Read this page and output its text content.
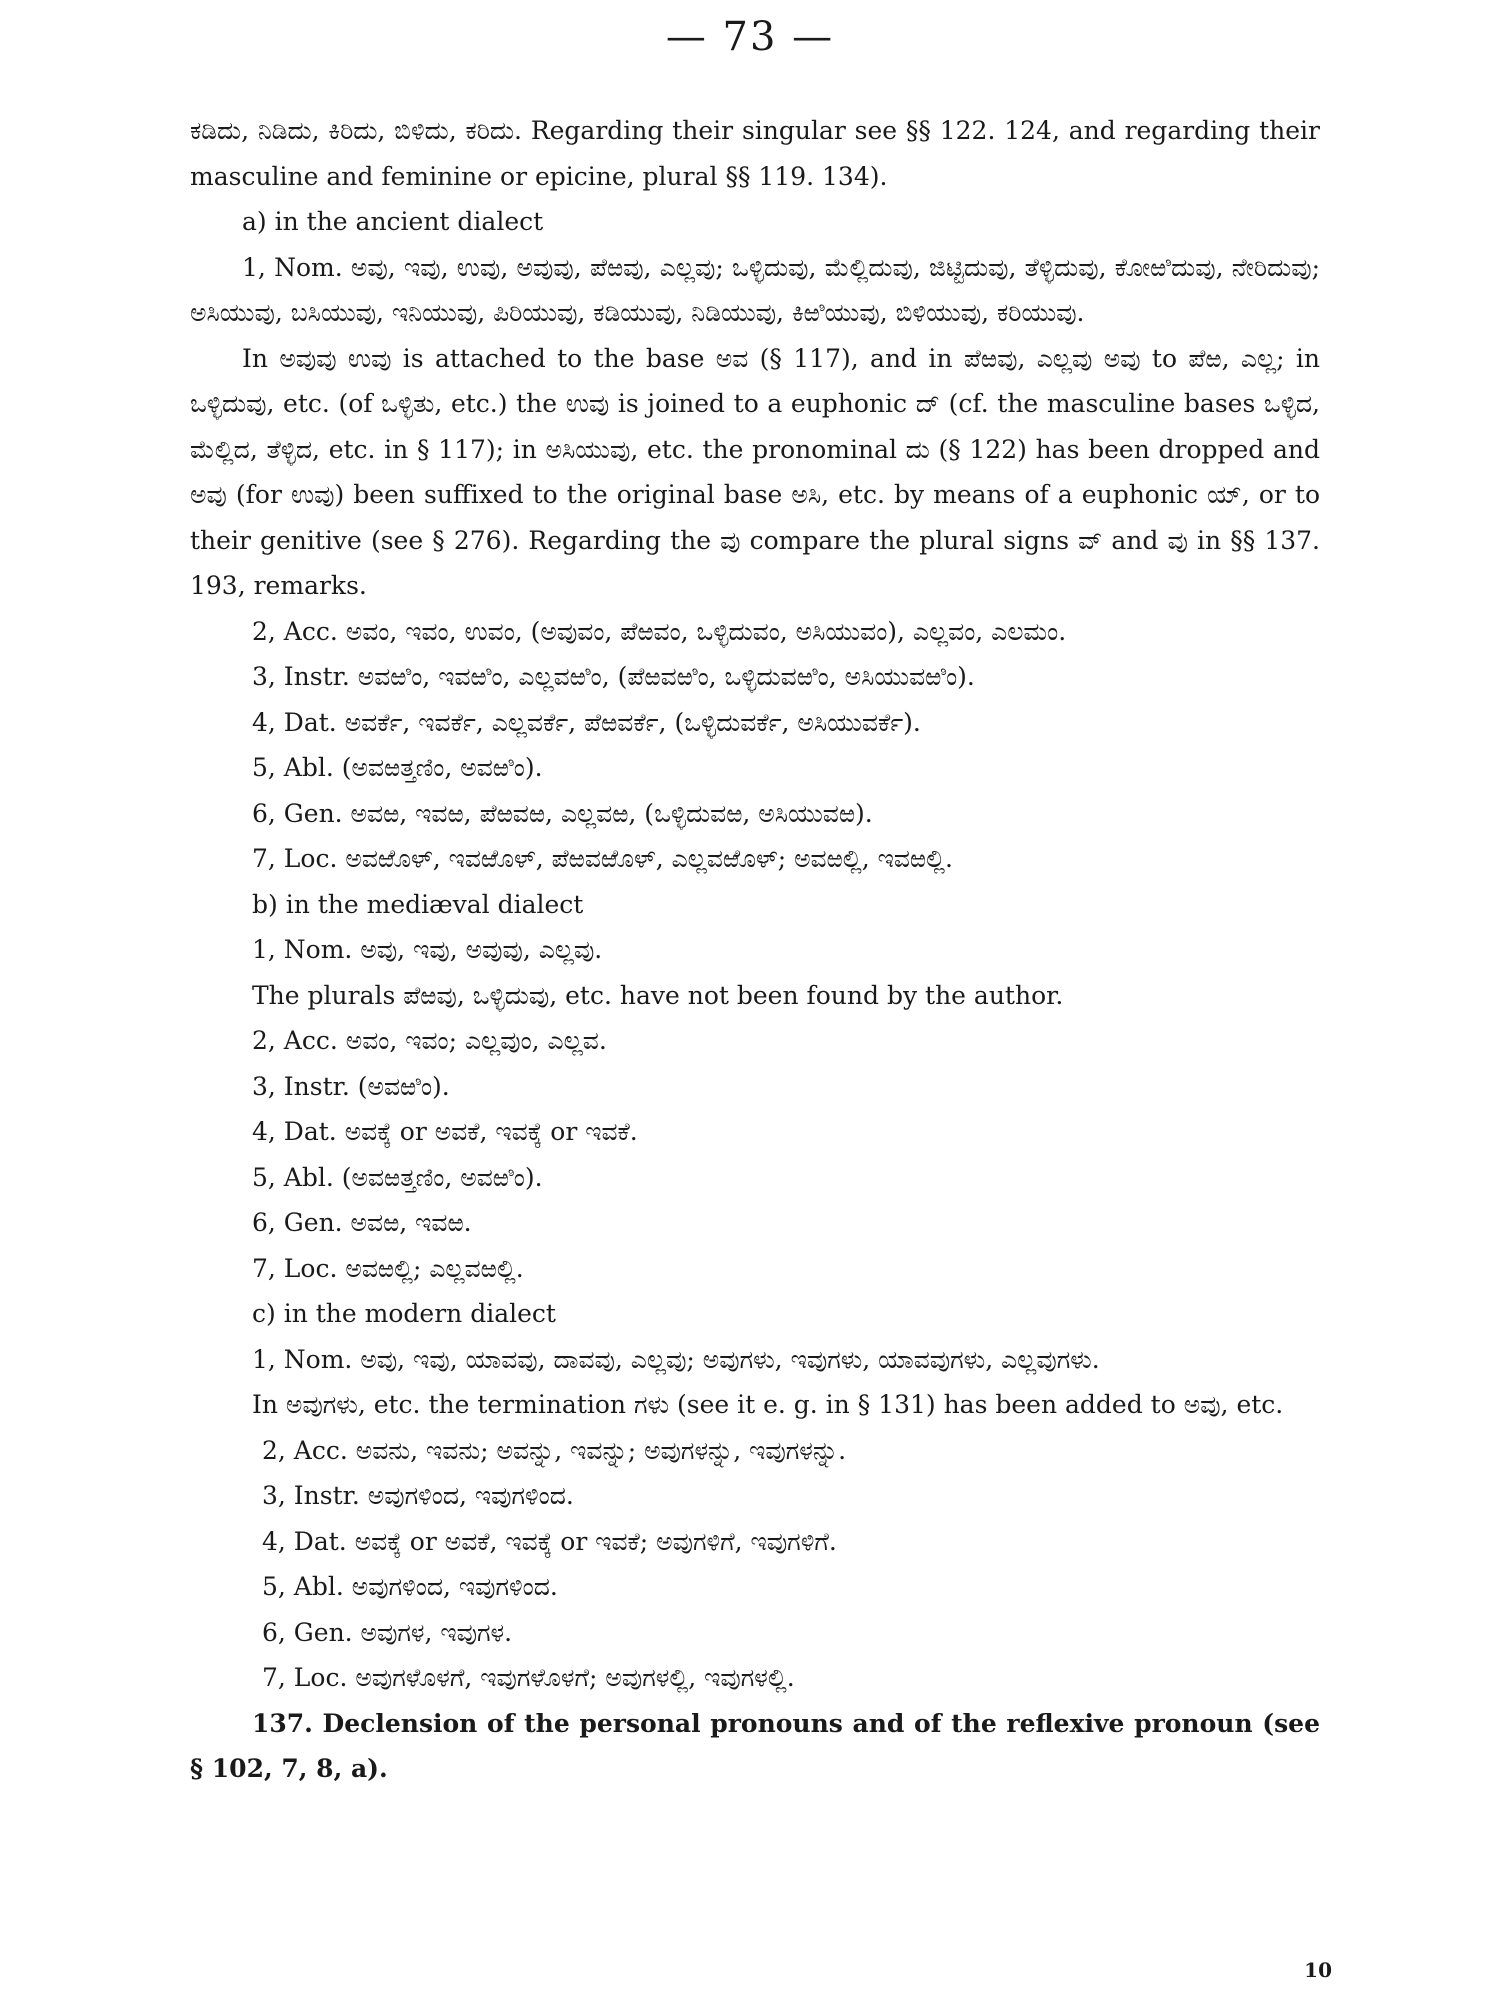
— 73 —

ಕಡಿದು, ನಿಡಿದು, ಕಿರಿದು, ಬಿಳಿದು, ಕರಿದು. Regarding their singular see §§ 122. 124, and regarding their masculine and feminine or epicine, plural §§ 119. 134).

a) in the ancient dialect

1, Nom. ಅವು, ಇವು, ಉವು, ಅವುವು, ಪೆಱವು, ಎಲ್ಲವು; ಒಳ್ಳಿದುವು, ಮೆಲ್ಲಿದುವು, ಜಿಟ್ಟಿದುವು, ತೆಳ್ಳಿದುವು, ಕೋಱಿದುವು, ನೇರಿದುವು; ಅಸಿಯುವು, ಬಸಿಯುವು, ಇನಿಯುವು, ಪಿರಿಯುವು, ಕಡಿಯುವು, ನಿಡಿಯುವು, ಕಿಱಿಯುವು, ಬಿಳಿಯುವು, ಕರಿಯುವು.

In ಅವುವು ಉವು is attached to the base ಅವ (§ 117), and in ಪೆಱವು, ಎಲ್ಲವು ಅವು to ಪೆಱ, ಎಲ್ಲ; in ಒಳ್ಳಿದುವು, etc. (of ಒಳ್ಳಿತು, etc.) the ಉವು is joined to a euphonic ದ್ (cf. the masculine bases ಒಳ್ಳಿದ, ಮೆಲ್ಲಿದ, ತೆಳ್ಳಿದ, etc. in § 117); in ಅಸಿಯುವು, etc. the pronominal ದು (§ 122) has been dropped and ಅವು (for ಉವು) been suffixed to the original base ಅಸಿ, etc. by means of a euphonic ಯ್, or to their genitive (see § 276). Regarding the ವು compare the plural signs ವ್ and ವು in §§ 137. 193, remarks.

2, Acc. ಅವಂ, ಇವಂ, ಉವಂ, (ಅವುವಂ, ಪೆಱವಂ, ಒಳ್ಳಿದುವಂ, ಅಸಿಯುವಂ), ಎಲ್ಲವಂ, ಎಲಮಂ.

3, Instr. ಅವಱಿಂ, ಇವಱಿಂ, ಎಲ್ಲವಱಿಂ, (ಪೆಱವಱಿಂ, ಒಳ್ಳಿದುವಱಿಂ, ಅಸಿಯುವಱಿಂ).

4, Dat. ಅವರ್ಕೆ, ಇವರ್ಕೆ, ಎಲ್ಲವರ್ಕೆ, ಪೆಱವರ್ಕೆ, (ಒಳ್ಳಿದುವರ್ಕೆ, ಅಸಿಯುವರ್ಕೆ).

5, Abl. (ಅವಱತ್ತಣಿಂ, ಅವಱಿಂ).

6, Gen. ಅವಱ, ಇವಱ, ಪೆಱವಱ, ಎಲ್ಲವಱ, (ಒಳ್ಳಿದುವಱ, ಅಸಿಯುವಱ).

7, Loc. ಅವಱೊಳ್, ಇವಱೊಳ್, ಪೆಱವಱೊಳ್, ಎಲ್ಲವಱೊಳ್; ಅವಱಲ್ಲಿ, ಇವಱಲ್ಲಿ.

b) in the mediæval dialect

1, Nom. ಅವು, ಇವು, ಅವುವು, ಎಲ್ಲವು.

The plurals ಪೆಱವು, ಒಳ್ಳಿದುವು, etc. have not been found by the author.

2, Acc. ಅವಂ, ಇವಂ; ಎಲ್ಲವುಂ, ಎಲ್ಲವ.

3, Instr. (ಅವಱಿಂ).

4, Dat. ಅವಕ್ಕೆ or ಅವಕೆ, ಇವಕ್ಕೆ or ಇವಕೆ.

5, Abl. (ಅವಱತ್ತಣಿಂ, ಅವಱಿಂ).

6, Gen. ಅವಱ, ಇವಱ.

7, Loc. ಅವಱಲ್ಲಿ; ಎಲ್ಲವಱಲ್ಲಿ.

c) in the modern dialect

1, Nom. ಅವು, ಇವು, ಯಾವವು, ದಾವವು, ಎಲ್ಲವು; ಅವುಗಳು, ಇವುಗಳು, ಯಾವವುಗಳು, ಎಲ್ಲವುಗಳು.

In ಅವುಗಳು, etc. the termination ಗಳು (see it e. g. in § 131) has been added to ಅವು, etc.

2, Acc. ಅವನು, ಇವನು; ಅವನ್ನು, ಇವನ್ನು; ಅವುಗಳನ್ನು, ಇವುಗಳನ್ನು.

3, Instr. ಅವುಗಳಿಂದ, ಇವುಗಳಿಂದ.

4, Dat. ಅವಕ್ಕೆ or ಅವಕೆ, ಇವಕ್ಕೆ or ಇವಕೆ; ಅವುಗಳಿಗೆ, ಇವುಗಳಿಗೆ.

5, Abl. ಅವುಗಳಿಂದ, ಇವುಗಳಿಂದ.

6, Gen. ಅವುಗಳ, ಇವುಗಳ.

7, Loc. ಅವುಗಳೊಳಗೆ, ಇವುಗಳೊಳಗೆ; ಅವುಗಳಲ್ಲಿ, ಇವುಗಳಲ್ಲಿ.

137. Declension of the personal pronouns and of the reflexive pronoun (see § 102, 7, 8, a).

10
